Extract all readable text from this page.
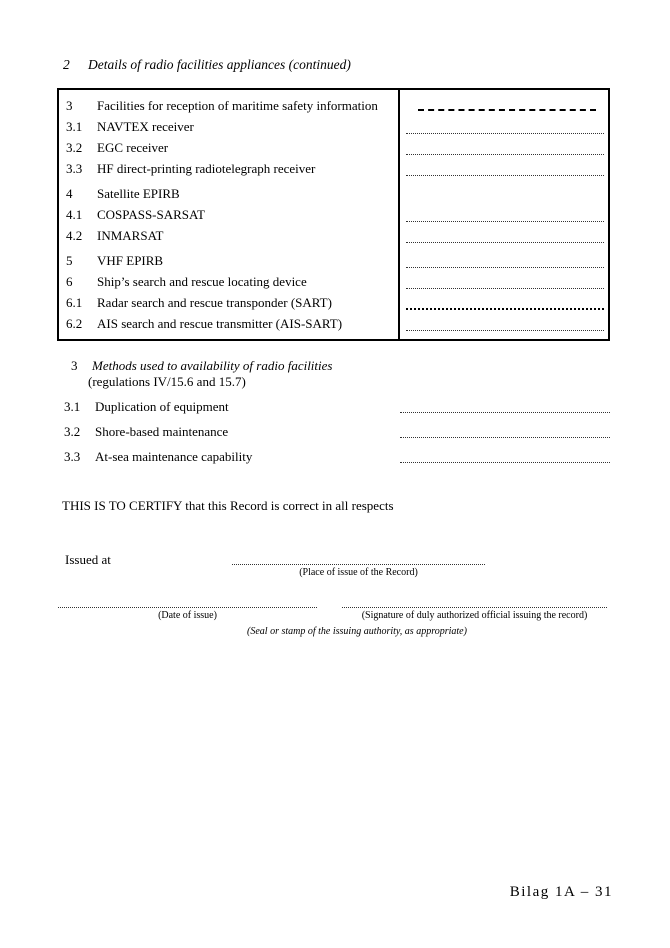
2 Details of radio facilities appliances (continued)
3	Facilities for reception of maritime safety information
3.1	NAVTEX receiver
3.2	EGC receiver
3.3	HF direct-printing radiotelegraph receiver
4	Satellite EPIRB
4.1	COSPASS-SARSAT
4.2	INMARSAT
5	VHF EPIRB
6	Ship’s search and rescue locating device
6.1	Radar search and rescue transponder (SART)
6.2	AIS search and rescue transmitter (AIS-SART)
3 Methods used to availability of radio facilities
(regulations IV/15.6 and 15.7)
3.1	Duplication of equipment
3.2	Shore-based maintenance
3.3	At-sea maintenance capability
THIS IS TO CERTIFY that this Record is correct in all respects
Issued at
(Place of issue of the Record)
(Date of issue)	(Signature of duly authorized official issuing the record)
(Seal or stamp of the issuing authority, as appropriate)
Bilag 1A – 31
